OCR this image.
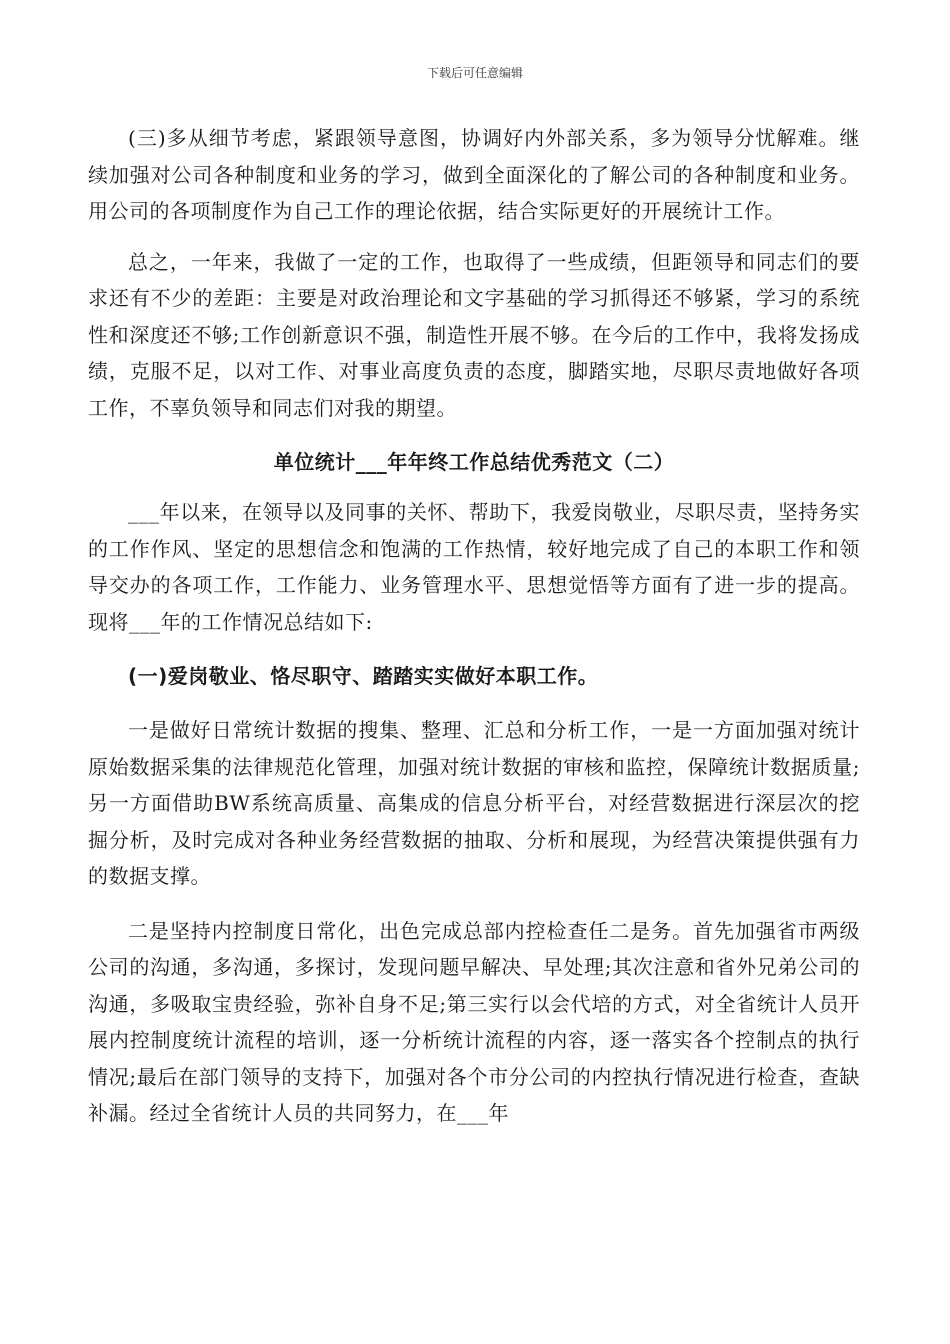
下载后可任意编辑

(三)多从细节考虑，紧跟领导意图，协调好内外部关系，多为领导分忧解难。继续加强对公司各种制度和业务的学习，做到全面深化的了解公司的各种制度和业务。用公司的各项制度作为自己工作的理论依据，结合实际更好的开展统计工作。

总之，一年来，我做了一定的工作，也取得了一些成绩，但距领导和同志们的要求还有不少的差距：主要是对政治理论和文字基础的学习抓得还不够紧，学习的系统性和深度还不够;工作创新意识不强，制造性开展不够。在今后的工作中，我将发扬成绩，克服不足，以对工作、对事业高度负责的态度，脚踏实地，尽职尽责地做好各项工作，不辜负领导和同志们对我的期望。

单位统计___年年终工作总结优秀范文（二）

___年以来，在领导以及同事的关怀、帮助下，我爱岗敬业，尽职尽责，坚持务实的工作作风、坚定的思想信念和饱满的工作热情，较好地完成了自己的本职工作和领导交办的各项工作，工作能力、业务管理水平、思想觉悟等方面有了进一步的提高。现将___年的工作情况总结如下:

(一)爱岗敬业、恪尽职守、踏踏实实做好本职工作。

一是做好日常统计数据的搜集、整理、汇总和分析工作，一是一方面加强对统计原始数据采集的法律规范化管理，加强对统计数据的审核和监控，保障统计数据质量;另一方面借助BW系统高质量、高集成的信息分析平台，对经营数据进行深层次的挖掘分析，及时完成对各种业务经营数据的抽取、分析和展现，为经营决策提供强有力的数据支撑。

二是坚持内控制度日常化，出色完成总部内控检查任二是务。首先加强省市两级公司的沟通，多沟通，多探讨，发现问题早解决、早处理;其次注意和省外兄弟公司的沟通，多吸取宝贵经验，弥补自身不足;第三实行以会代培的方式，对全省统计人员开展内控制度统计流程的培训，逐一分析统计流程的内容，逐一落实各个控制点的执行情况;最后在部门领导的支持下，加强对各个市分公司的内控执行情况进行检查，查缺补漏。经过全省统计人员的共同努力，在___年
